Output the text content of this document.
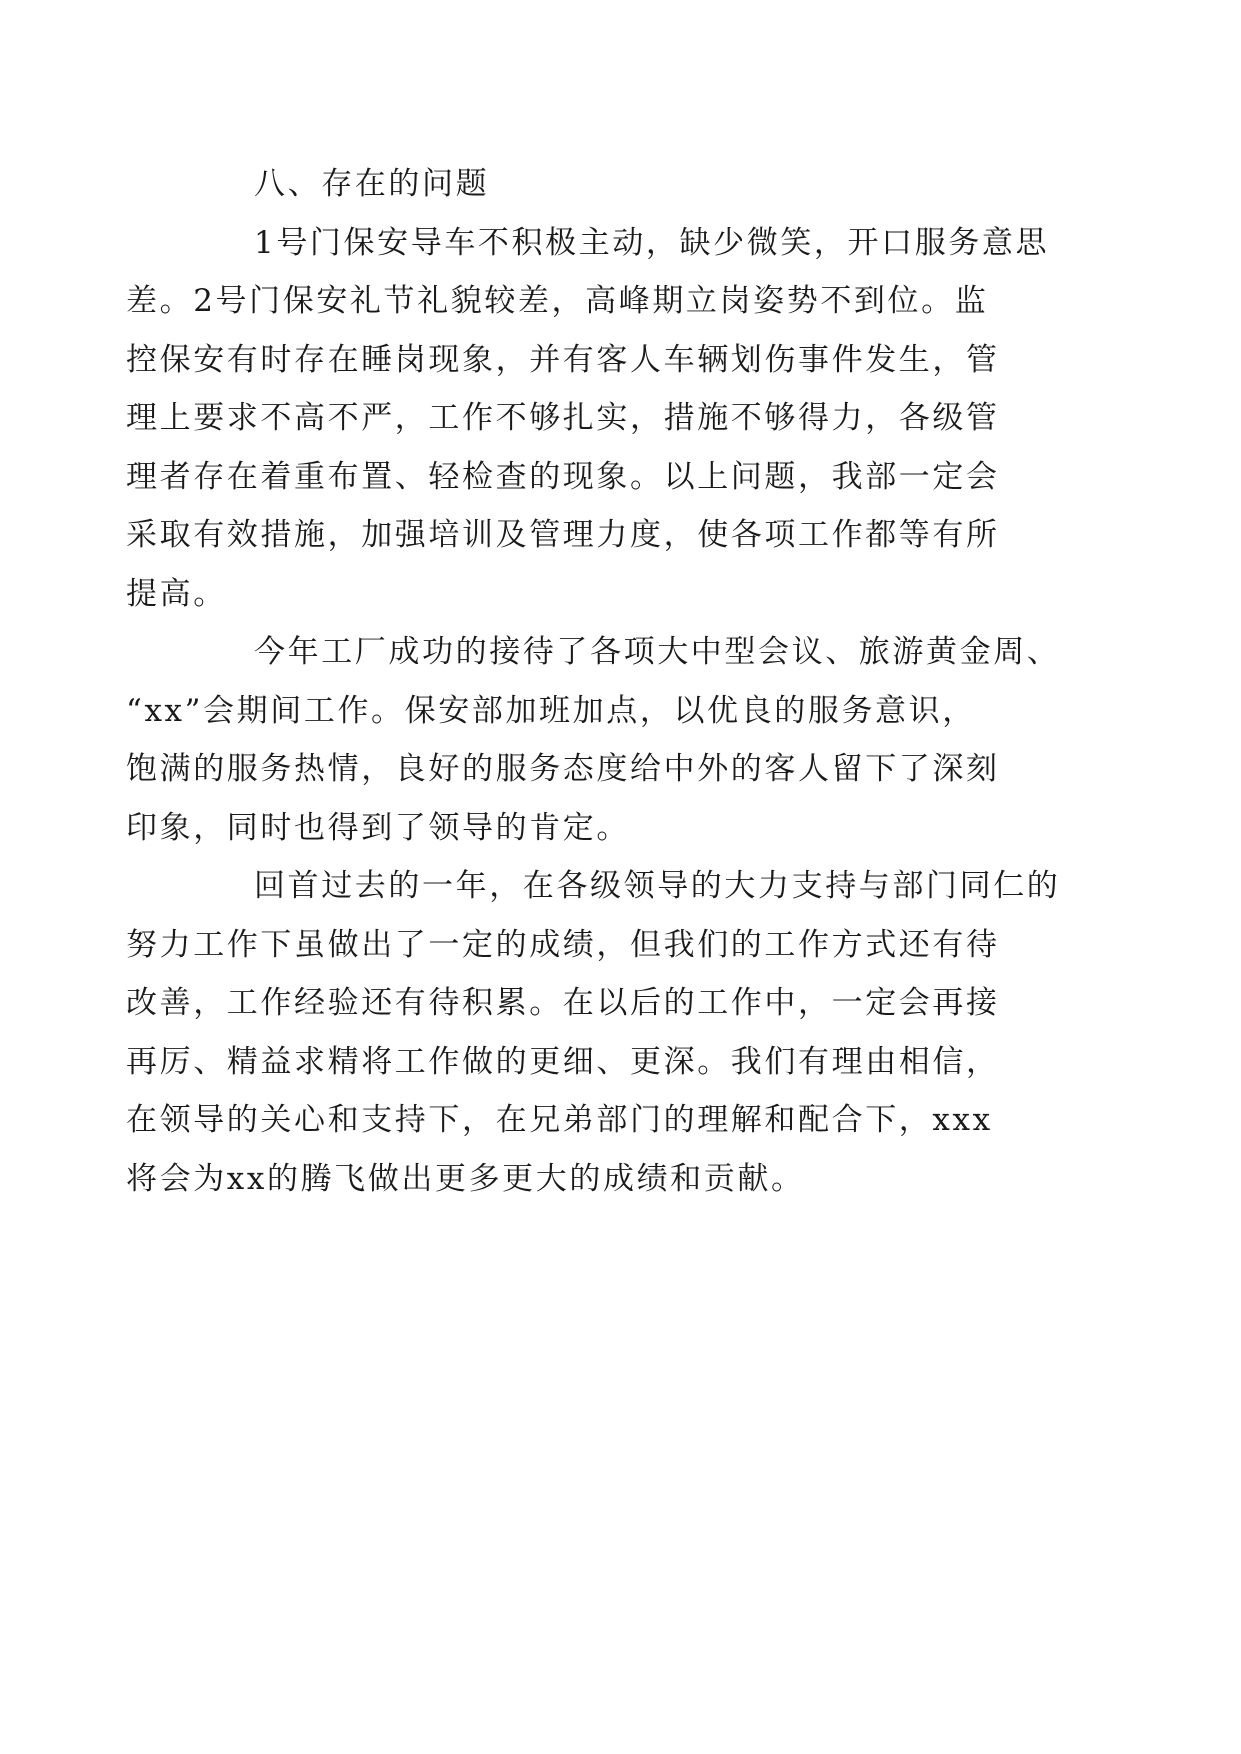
八、存在的问题

1号门保安导车不积极主动，缺少微笑，开口服务意思
差。2号门保安礼节礼貌较差，高峰期立岗姿势不到位。监
控保安有时存在睡岗现象，并有客人车辆划伤事件发生，管
理上要求不高不严，工作不够扎实，措施不够得力，各级管
理者存在着重布置、轻检查的现象。以上问题，我部一定会
采取有效措施，加强培训及管理力度，使各项工作都等有所
提高。

今年工厂成功的接待了各项大中型会议、旅游黄金周、
“xx”会期间工作。保安部加班加点，以优良的服务意识，
饱满的服务热情，良好的服务态度给中外的客人留下了深刻
印象，同时也得到了领导的肯定。

回首过去的一年，在各级领导的大力支持与部门同仁的
努力工作下虽做出了一定的成绩，但我们的工作方式还有待
改善，工作经验还有待积累。在以后的工作中，一定会再接
再厉、精益求精将工作做的更细、更深。我们有理由相信，
在领导的关心和支持下，在兄弟部门的理解和配合下，xxx
将会为xx的腾飞做出更多更大的成绩和贡献。
